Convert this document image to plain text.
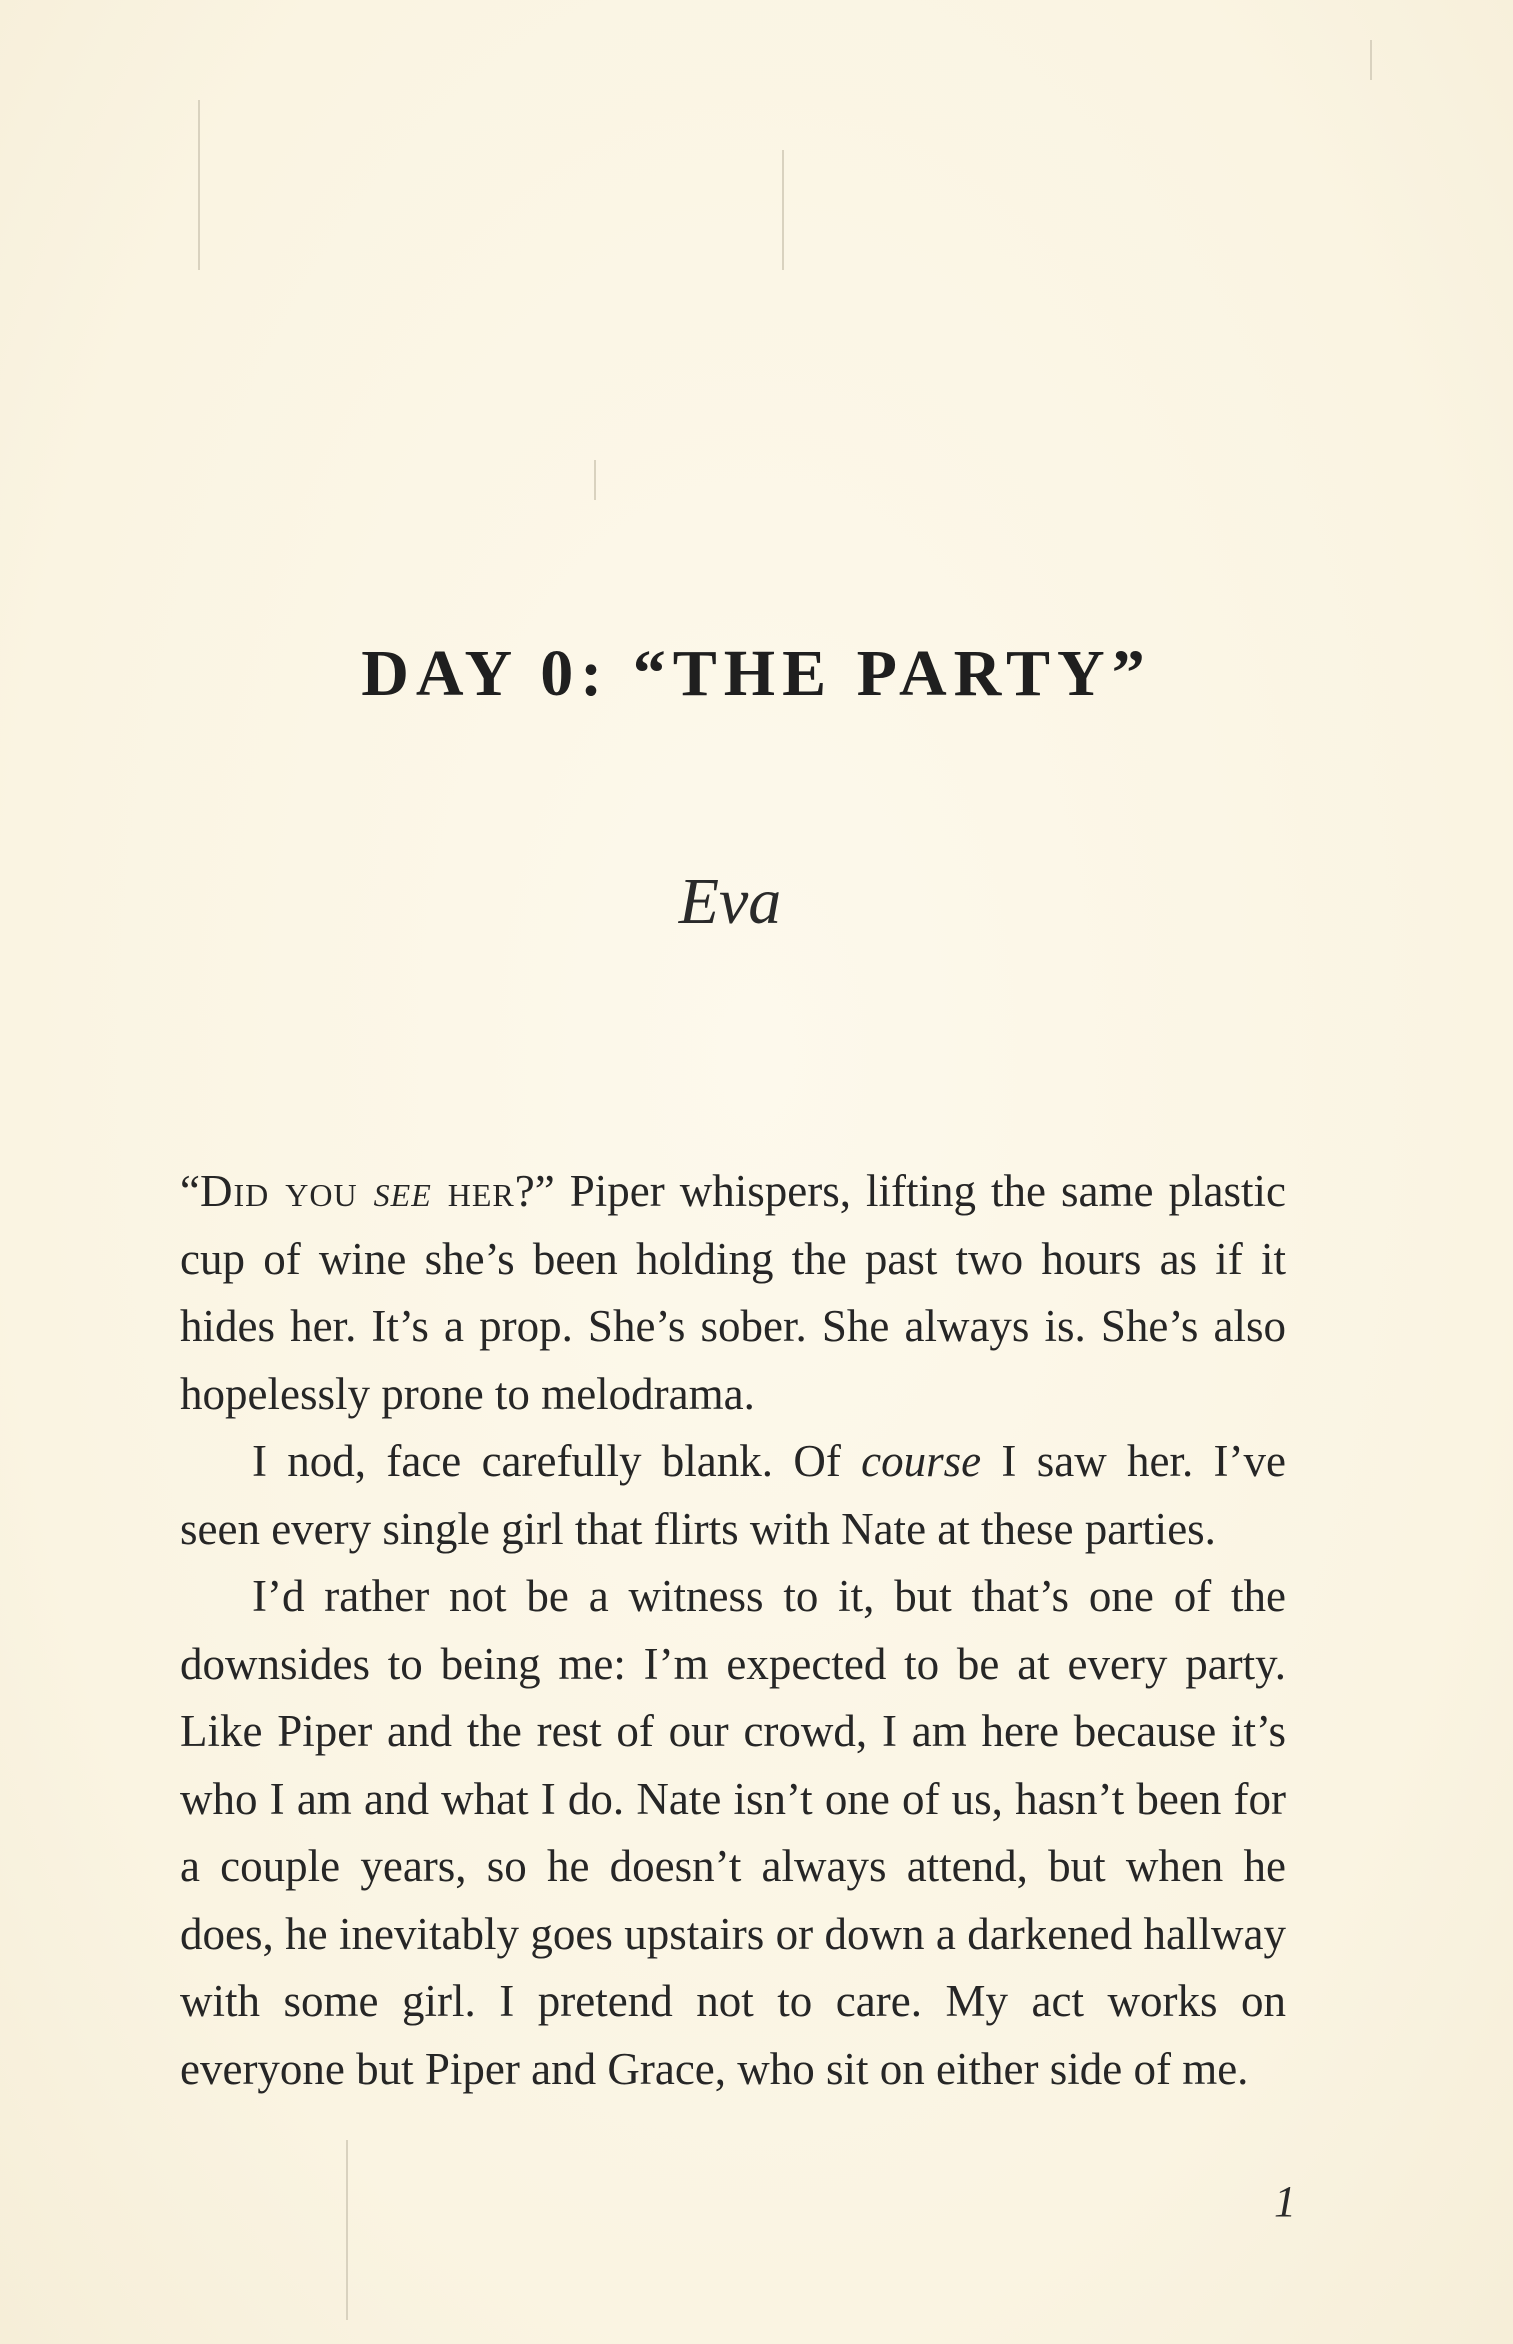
DAY 0: “THE PARTY”
Eva

“Did you see her?” Piper whispers, lifting the same plastic cup of wine she’s been holding the past two hours as if it hides her. It’s a prop. She’s sober. She always is. She’s also hopelessly prone to melodrama.

I nod, face carefully blank. Of course I saw her. I’ve seen every single girl that flirts with Nate at these parties.

I’d rather not be a witness to it, but that’s one of the downsides to being me: I’m expected to be at every party. Like Piper and the rest of our crowd, I am here because it’s who I am and what I do. Nate isn’t one of us, hasn’t been for a couple years, so he doesn’t always attend, but when he does, he inevitably goes upstairs or down a darkened hallway with some girl. I pretend not to care. My act works on everyone but Piper and Grace, who sit on either side of me.

1
